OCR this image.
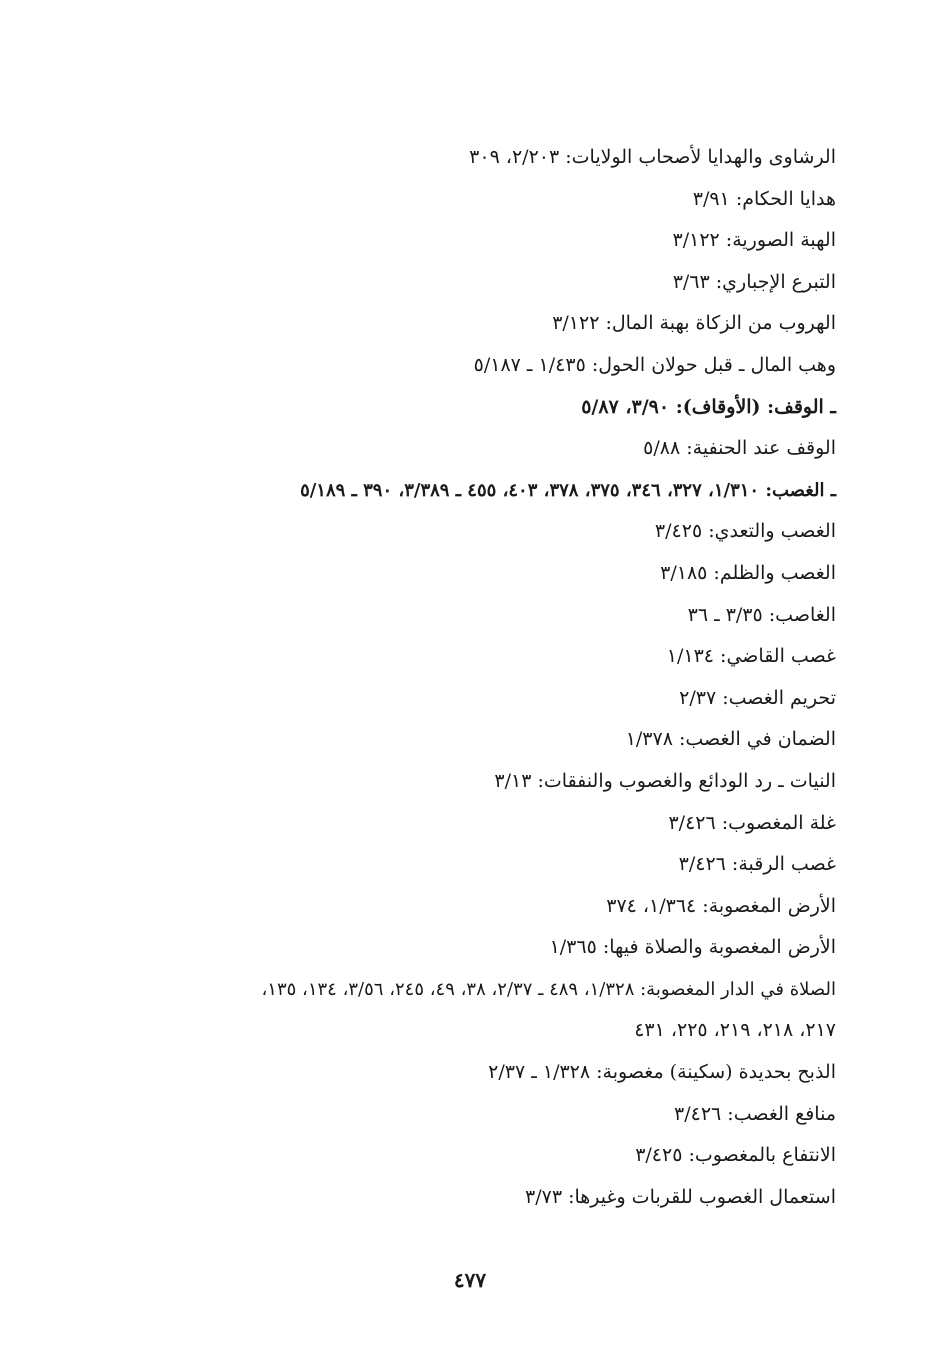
الرشاوى والهدايا لأصحاب الولايات: ٢/٢٠٣، ٣٠٩
هدايا الحكام: ٣/٩١
الهبة الصورية: ٣/١٢٢
التبرع الإجباري: ٣/٦٣
الهروب من الزكاة بهبة المال: ٣/١٢٢
وهب المال ـ قبل حولان الحول: ١/٤٣٥ ـ ٥/١٨٧
ـ الوقف: (الأوقاف): ٣/٩٠، ٥/٨٧
الوقف عند الحنفية: ٥/٨٨
ـ الغصب: ١/٣١٠، ٣٢٧، ٣٤٦، ٣٧٥، ٣٧٨، ٤٠٣، ٤٥٥ ـ ٣/٣٨٩، ٣٩٠ ـ ٥/١٨٩
الغصب والتعدي: ٣/٤٢٥
الغصب والظلم: ٣/١٨٥
الغاصب: ٣/٣٥ ـ ٣٦
غصب القاضي: ١/١٣٤
تحريم الغصب: ٢/٣٧
الضمان في الغصب: ١/٣٧٨
النيات ـ رد الودائع والغصوب والنفقات: ٣/١٣
غلة المغصوب: ٣/٤٢٦
غصب الرقبة: ٣/٤٢٦
الأرض المغصوبة: ١/٣٦٤، ٣٧٤
الأرض المغصوبة والصلاة فيها: ١/٣٦٥
الصلاة في الدار المغصوبة: ١/٣٢٨، ٤٨٩ ـ ٢/٣٧، ٣٨، ٤٩، ٢٤٥، ٣/٥٦، ١٣٤، ١٣٥،
٢١٧، ٢١٨، ٢١٩، ٢٢٥، ٤٣١
الذبح بحديدة (سكينة) مغصوبة: ١/٣٢٨ ـ ٢/٣٧
منافع الغصب: ٣/٤٢٦
الانتفاع بالمغصوب: ٣/٤٢٥
استعمال الغصوب للقربات وغيرها: ٣/٧٣
٤٧٧
